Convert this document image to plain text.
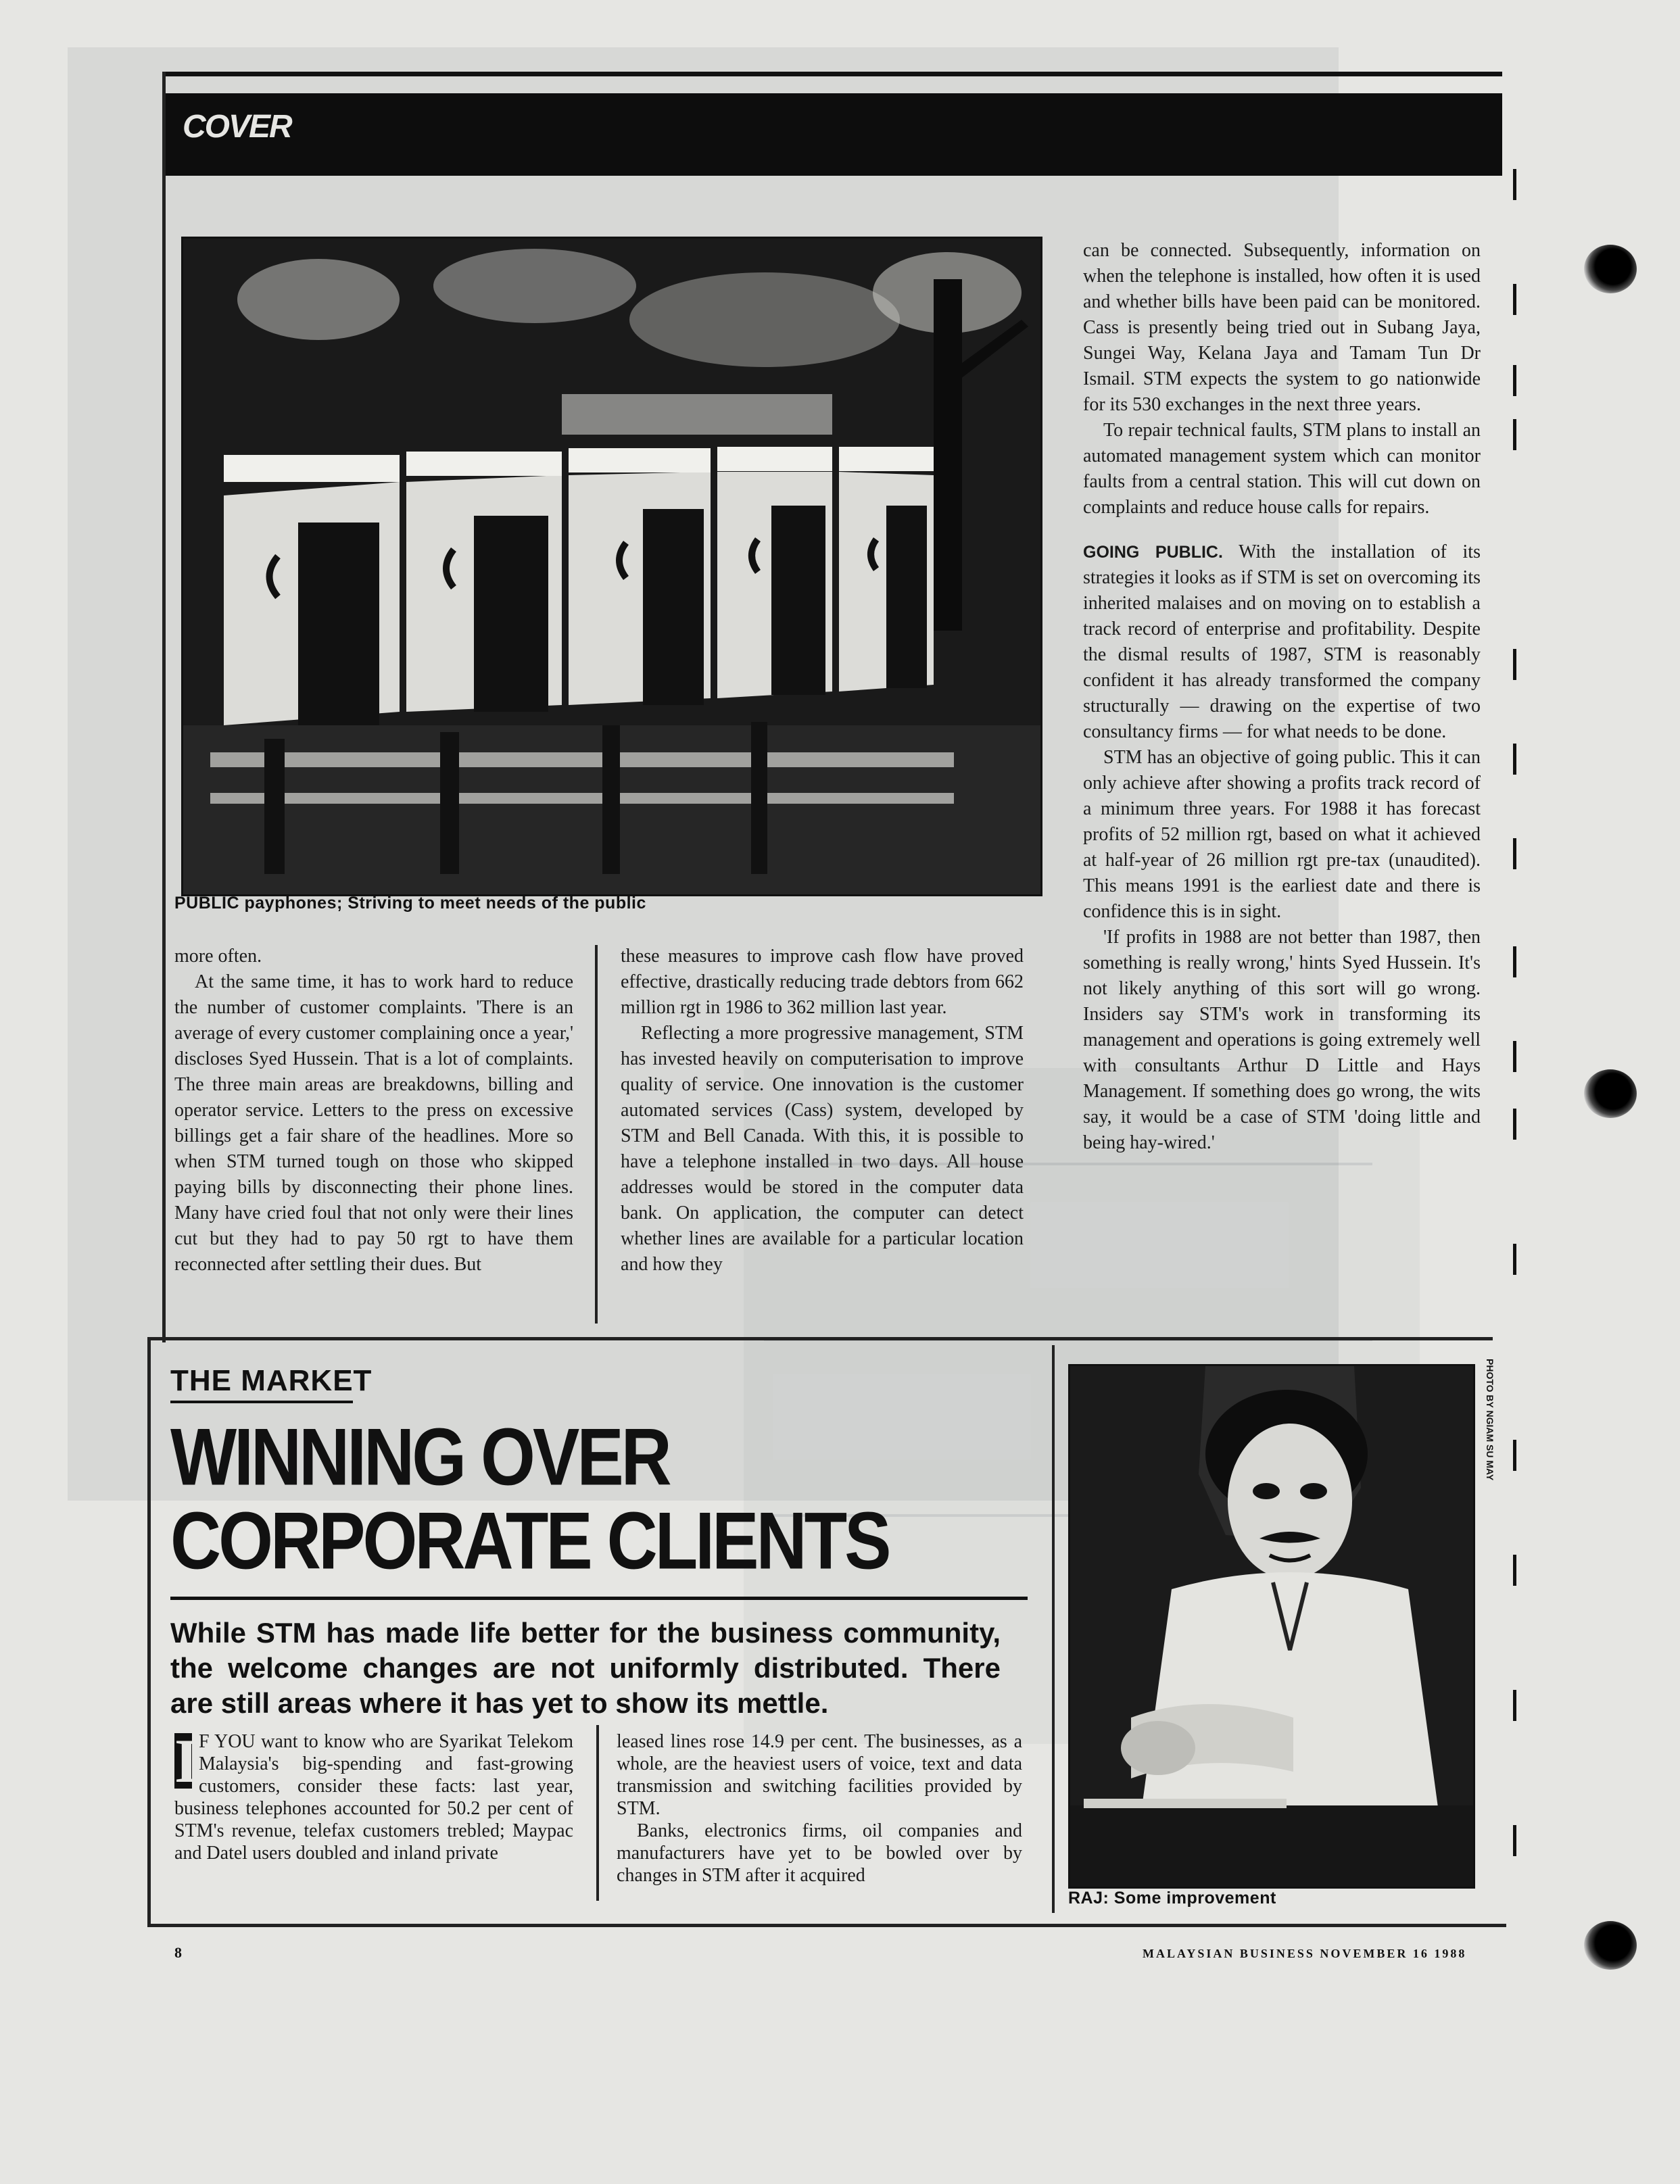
COVER
PUBLIC payphones; Striving to meet needs of the public

more often.

At the same time, it has to work hard to reduce the number of customer complaints. 'There is an average of every customer complaining once a year,' discloses Syed Hussein. That is a lot of complaints. The three main areas are breakdowns, billing and operator service. Letters to the press on excessive billings get a fair share of the headlines. More so when STM turned tough on those who skipped paying bills by disconnecting their phone lines. Many have cried foul that not only were their lines cut but they had to pay 50 rgt to have them reconnected after settling their dues. But

these measures to improve cash flow have proved effective, drastically reducing trade debtors from 662 million rgt in 1986 to 362 million last year.

Reflecting a more progressive management, STM has invested heavily on computerisation to improve quality of service. One innovation is the customer automated services (Cass) system, developed by STM and Bell Canada. With this, it is possible to have a telephone installed in two days. All house addresses would be stored in the computer data bank. On application, the computer can detect whether lines are available for a particular location and how they

can be connected. Subsequently, information on when the telephone is installed, how often it is used and whether bills have been paid can be monitored. Cass is presently being tried out in Subang Jaya, Sungei Way, Kelana Jaya and Tamam Tun Dr Ismail. STM expects the system to go nationwide for its 530 exchanges in the next three years.

To repair technical faults, STM plans to install an automated management system which can monitor faults from a central station. This will cut down on complaints and reduce house calls for repairs.

GOING PUBLIC. With the installation of its strategies it looks as if STM is set on overcoming its inherited malaises and on moving on to establish a track record of enterprise and profitability. Despite the dismal results of 1987, STM is reasonably confident it has already transformed the company structurally — drawing on the expertise of two consultancy firms — for what needs to be done.

STM has an objective of going public. This it can only achieve after showing a profits track record of a minimum three years. For 1988 it has forecast profits of 52 million rgt, based on what it achieved at half-year of 26 million rgt pre-tax (unaudited). This means 1991 is the earliest date and there is confidence this is in sight.

'If profits in 1988 are not better than 1987, then something is really wrong,' hints Syed Hussein. It's not likely anything of this sort will go wrong. Insiders say STM's work in transforming its management and operations is going extremely well with consultants Arthur D Little and Hays Management. If something does go wrong, the wits say, it would be a case of STM 'doing little and being hay-wired.'

THE MARKET
WINNING OVER
CORPORATE CLIENTS
While STM has made life better for the business community, the welcome changes are not uniformly distributed. There are still areas where it has yet to show its mettle.
I F YOU want to know who are Syarikat Telekom Malaysia's big-spending and fast-growing customers, consider these facts: last year, business telephones accounted for 50.2 per cent of STM's revenue, telefax customers trebled; Maypac and Datel users doubled and inland private

leased lines rose 14.9 per cent. The businesses, as a whole, are the heaviest users of voice, text and data transmission and switching facilities provided by STM.

Banks, electronics firms, oil companies and manufacturers have yet to be bowled over by changes in STM after it acquired

PHOTO BY NGIAM SU MAY
RAJ: Some improvement
8	MALAYSIAN BUSINESS NOVEMBER 16 1988
